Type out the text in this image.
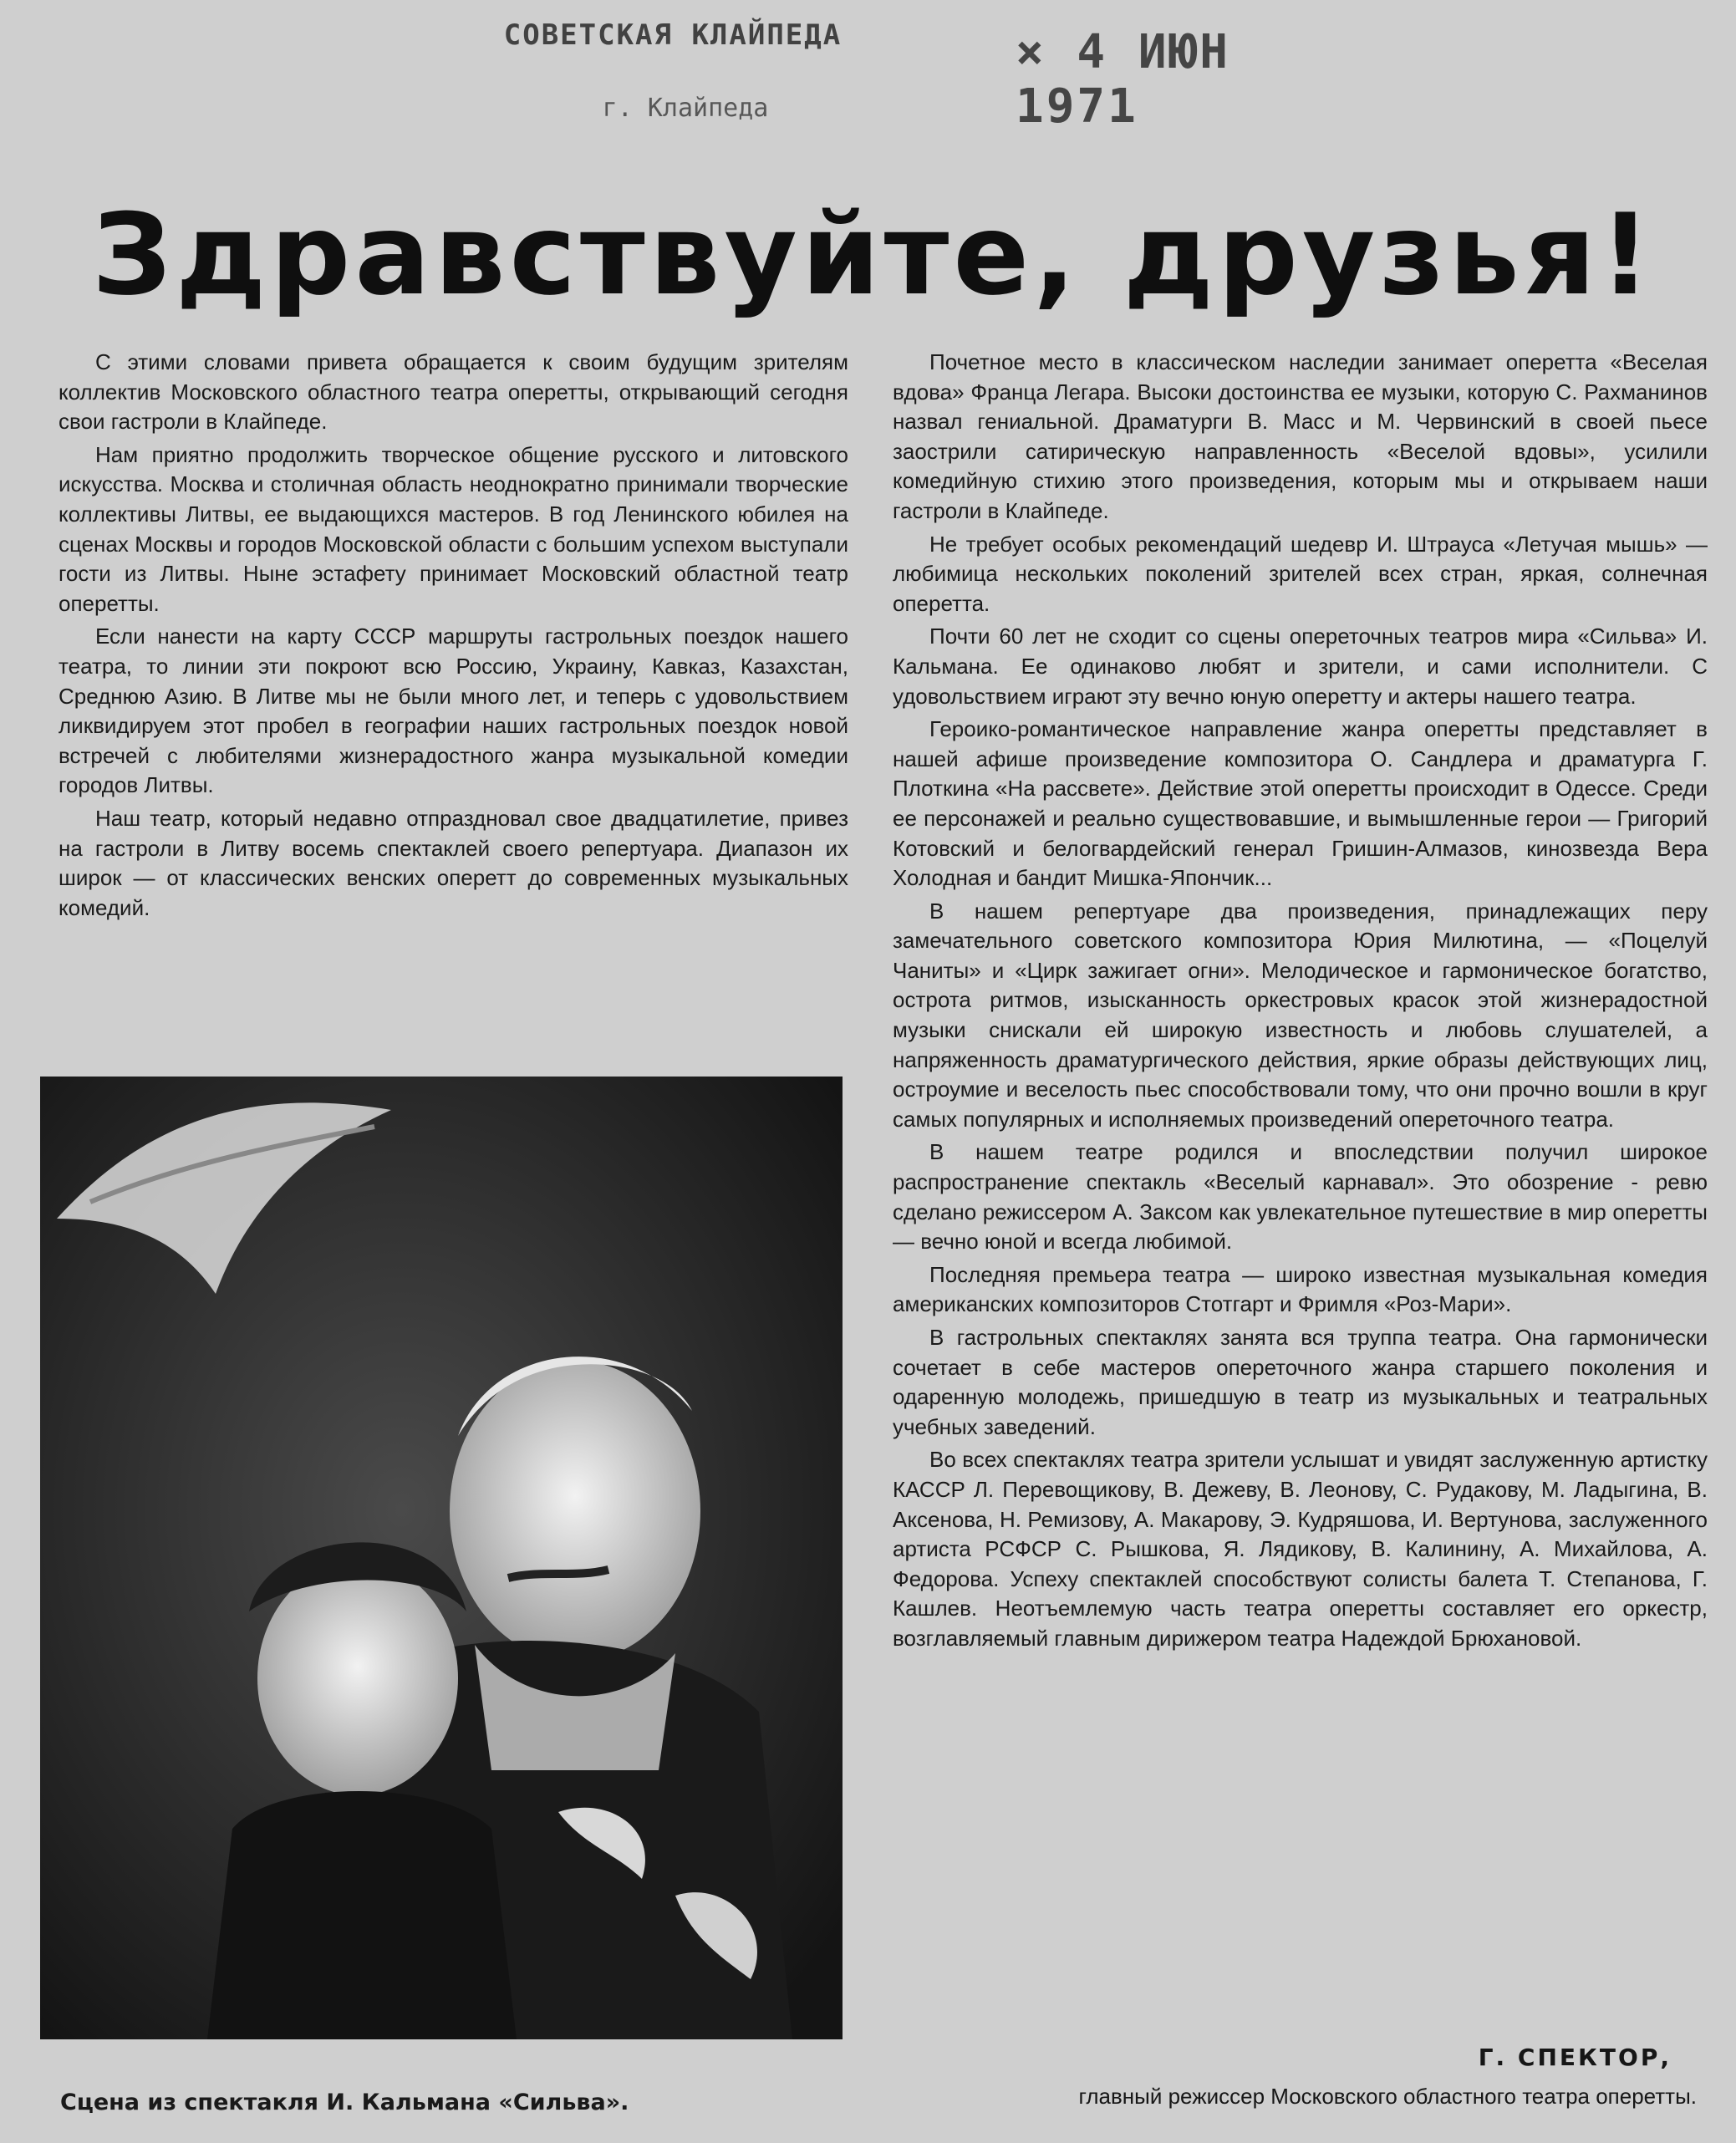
СОВЕТСКАЯ КЛАЙПЕДА
г. Клайпеда
× 4 ИЮН 1971
Здравствуйте, друзья!

С этими словами привета обращается к своим будущим зрителям коллектив Московского областного театра оперетты, открывающий сегодня свои гастроли в Клайпеде.

Нам приятно продолжить творческое общение русского и литовского искусства. Москва и столичная область неоднократно принимали творческие коллективы Литвы, ее выдающихся мастеров. В год Ленинского юбилея на сценах Москвы и городов Московской области с большим успехом выступали гости из Литвы. Ныне эстафету принимает Московский областной театр оперетты.

Если нанести на карту СССР маршруты гастрольных поездок нашего театра, то линии эти покроют всю Россию, Украину, Кавказ, Казахстан, Среднюю Азию. В Литве мы не были много лет, и теперь с удовольствием ликвидируем этот пробел в географии наших гастрольных поездок новой встречей с любителями жизнерадостного жанра музыкальной комедии городов Литвы.

Наш театр, который недавно отпраздновал свое двадцатилетие, привез на гастроли в Литву восемь спектаклей своего репертуара. Диапазон их широк — от классических венских оперетт до современных музыкальных комедий.

Сцена из спектакля И. Кальмана «Сильва».

Почетное место в классическом наследии занимает оперетта «Веселая вдова» Франца Легара. Высоки достоинства ее музыки, которую С. Рахманинов назвал гениальной. Драматурги В. Масс и М. Червинский в своей пьесе заострили сатирическую направленность «Веселой вдовы», усилили комедийную стихию этого произведения, которым мы и открываем наши гастроли в Клайпеде.

Не требует особых рекомендаций шедевр И. Штрауса «Летучая мышь» — любимица нескольких поколений зрителей всех стран, яркая, солнечная оперетта.

Почти 60 лет не сходит со сцены опереточных театров мира «Сильва» И. Кальмана. Ее одинаково любят и зрители, и сами исполнители. С удовольствием играют эту вечно юную оперетту и актеры нашего театра.

Героико-романтическое направление жанра оперетты представляет в нашей афише произведение композитора О. Сандлера и драматурга Г. Плоткина «На рассвете». Действие этой оперетты происходит в Одессе. Среди ее персонажей и реально существовавшие, и вымышленные герои — Григорий Котовский и белогвардейский генерал Гришин-Алмазов, кинозвезда Вера Холодная и бандит Мишка-Япончик...

В нашем репертуаре два произведения, принадлежащих перу замечательного советского композитора Юрия Милютина, — «Поцелуй Чаниты» и «Цирк зажигает огни». Мелодическое и гармоническое богатство, острота ритмов, изысканность оркестровых красок этой жизнерадостной музыки снискали ей широкую известность и любовь слушателей, а напряженность драматургического действия, яркие образы действующих лиц, остроумие и веселость пьес способствовали тому, что они прочно вошли в круг самых популярных и исполняемых произведений опереточного театра.

В нашем театре родился и впоследствии получил широкое распространение спектакль «Веселый карнавал». Это обозрение - ревю сделано режиссером А. Заксом как увлекательное путешествие в мир оперетты — вечно юной и всегда любимой.

Последняя премьера театра — широко известная музыкальная комедия американских композиторов Стотгарт и Фримля «Роз-Мари».

В гастрольных спектаклях занята вся труппа театра. Она гармонически сочетает в себе мастеров опереточного жанра старшего поколения и одаренную молодежь, пришедшую в театр из музыкальных и театральных учебных заведений.

Во всех спектаклях театра зрители услышат и увидят заслуженную артистку КАССР Л. Перевощикову, В. Дежеву, В. Леонову, С. Рудакову, М. Ладыгина, В. Аксенова, Н. Ремизову, А. Макарову, Э. Кудряшова, И. Вертунова, заслуженного артиста РСФСР С. Рышкова, Я. Лядикову, В. Калинину, А. Михайлова, А. Федорова. Успеху спектаклей способствуют солисты балета Т. Степанова, Г. Кашлев. Неотъемлемую часть театра оперетты составляет его оркестр, возглавляемый главным дирижером театра Надеждой Брюхановой.

Г. СПЕКТОР,
главный режиссер Московского областного театра оперетты.
